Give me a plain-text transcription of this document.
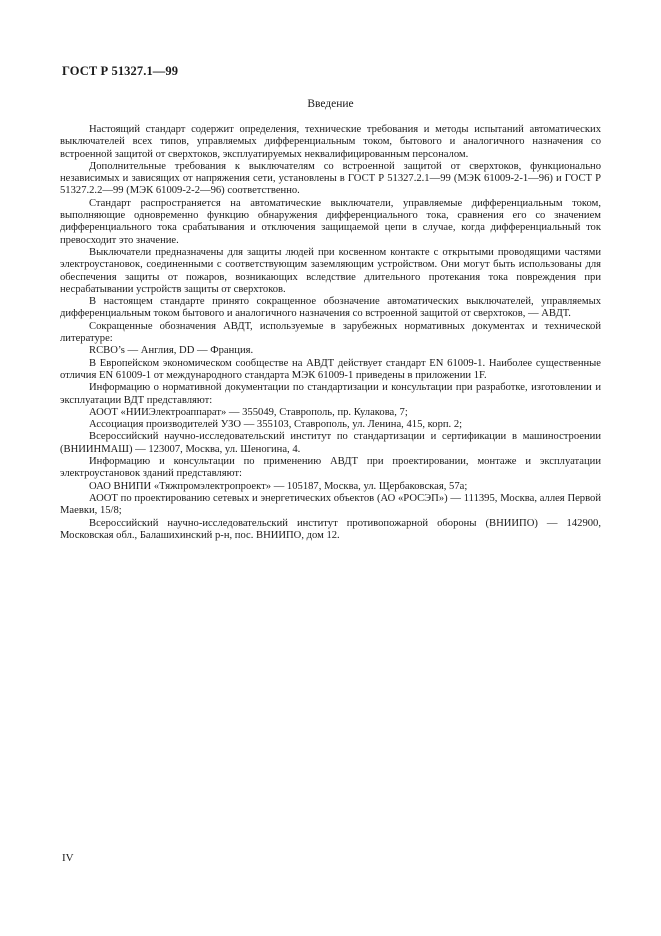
ГОСТ Р 51327.1—99
Введение

Настоящий стандарт содержит определения, технические требования и методы испытаний автоматических выключателей всех типов, управляемых дифференциальным током, бытового и аналогичного назначения со встроенной защитой от сверхтоков, эксплуатируемых неквалифицированным персоналом.

Дополнительные требования к выключателям со встроенной защитой от сверхтоков, функционально независимых и зависящих от напряжения сети, установлены в ГОСТ Р 51327.2.1—99 (МЭК 61009-2-1—96) и ГОСТ Р 51327.2.2—99 (МЭК 61009-2-2—96) соответственно.

Стандарт распространяется на автоматические выключатели, управляемые дифференциальным током, выполняющие одновременно функцию обнаружения дифференциального тока, сравнения его со значением дифференциального тока срабатывания и отключения защищаемой цепи в случае, когда дифференциальный ток превосходит это значение.

Выключатели предназначены для защиты людей при косвенном контакте с открытыми проводящими частями электроустановок, соединенными с соответствующим заземляющим устройством. Они могут быть использованы для обеспечения защиты от пожаров, возникающих вследствие длительного протекания тока повреждения при несрабатывании устройств защиты от сверхтоков.

В настоящем стандарте принято сокращенное обозначение автоматических выключателей, управляемых дифференциальным током бытового и аналогичного назначения со встроенной защитой от сверхтоков, — АВДТ.

Сокращенные обозначения АВДТ, используемые в зарубежных нормативных документах и технической литературе:

RCBO’s — Англия, DD — Франция.

В Европейском экономическом сообществе на АВДТ действует стандарт EN 61009-1. Наиболее существенные отличия EN 61009-1 от международного стандарта МЭК 61009-1 приведены в приложении 1F.

Информацию о нормативной документации по стандартизации и консультации при разработке, изготовлении и эксплуатации ВДТ представляют:

АООТ «НИИЭлектроаппарат» — 355049, Ставрополь, пр. Кулакова, 7;

Ассоциация производителей УЗО — 355103, Ставрополь, ул. Ленина, 415, корп. 2;

Всероссийский научно-исследовательский институт по стандартизации и сертификации в машиностроении (ВНИИНМАШ) — 123007, Москва, ул. Шеногина, 4.

Информацию и консультации по применению АВДТ при проектировании, монтаже и эксплуатации электроустановок зданий представляют:

ОАО ВНИПИ «Тяжпромэлектропроект» — 105187, Москва, ул. Щербаковская, 57а;

АООТ по проектированию сетевых и энергетических объектов (АО «РОСЭП») — 111395, Москва, аллея Первой Маевки, 15/8;

Всероссийский научно-исследовательский институт противопожарной обороны (ВНИИПО) — 142900, Московская обл., Балашихинский р-н, пос. ВНИИПО, дом 12.

IV
